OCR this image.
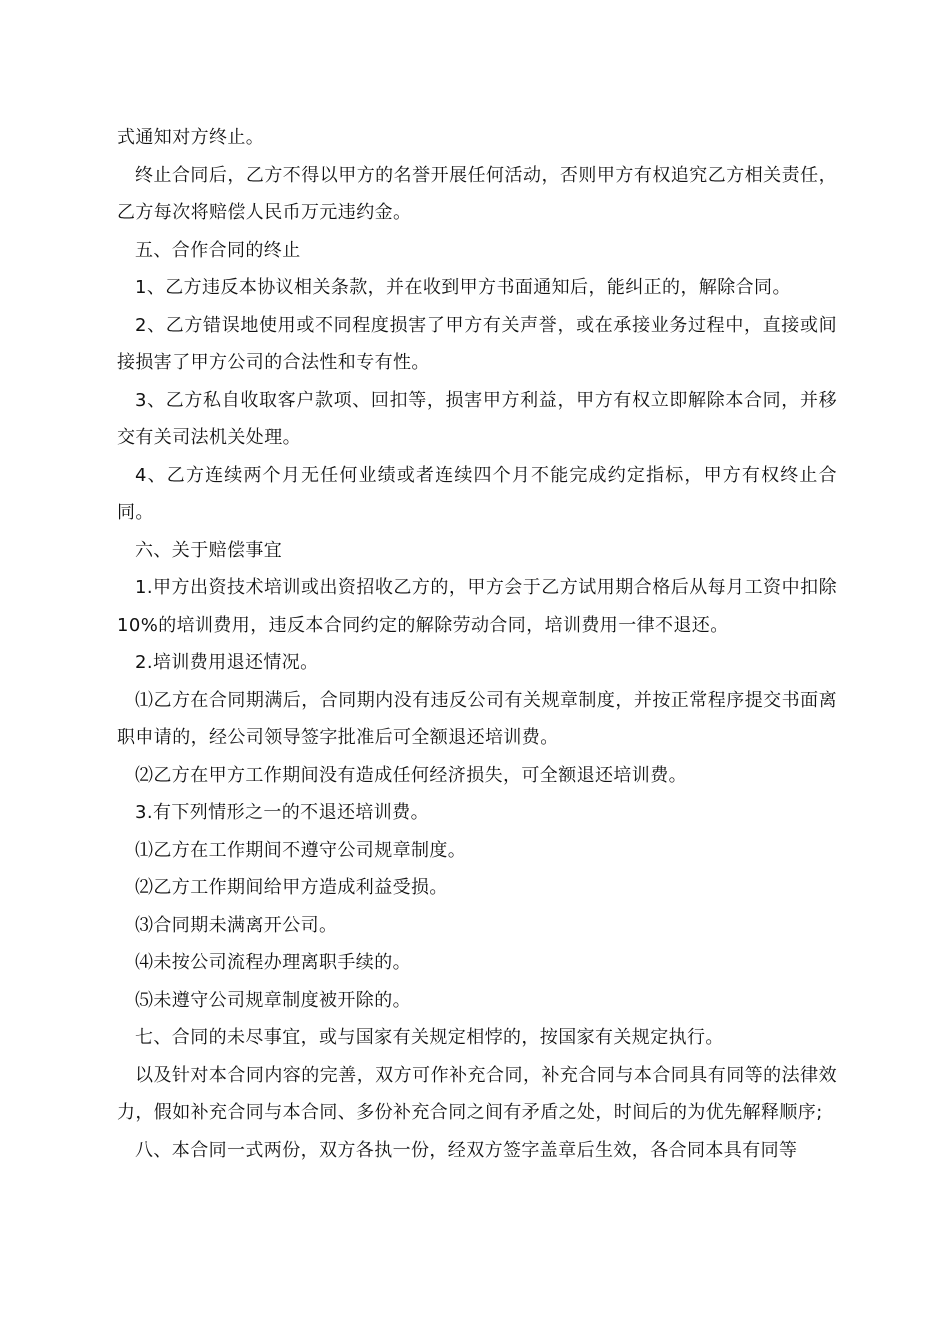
式通知对方终止。

终止合同后，乙方不得以甲方的名誉开展任何活动，否则甲方有权追究乙方相关责任，乙方每次将赔偿人民币万元违约金。

五、合作合同的终止

1、乙方违反本协议相关条款，并在收到甲方书面通知后，能纠正的，解除合同。

2、乙方错误地使用或不同程度损害了甲方有关声誉，或在承接业务过程中，直接或间接损害了甲方公司的合法性和专有性。

3、乙方私自收取客户款项、回扣等，损害甲方利益，甲方有权立即解除本合同，并移交有关司法机关处理。

4、乙方连续两个月无任何业绩或者连续四个月不能完成约定指标，甲方有权终止合同。

六、关于赔偿事宜

1.甲方出资技术培训或出资招收乙方的，甲方会于乙方试用期合格后从每月工资中扣除10%的培训费用，违反本合同约定的解除劳动合同，培训费用一律不退还。

2.培训费用退还情况。

⑴乙方在合同期满后，合同期内没有违反公司有关规章制度，并按正常程序提交书面离职申请的，经公司领导签字批准后可全额退还培训费。

⑵乙方在甲方工作期间没有造成任何经济损失，可全额退还培训费。

3.有下列情形之一的不退还培训费。

⑴乙方在工作期间不遵守公司规章制度。

⑵乙方工作期间给甲方造成利益受损。

⑶合同期未满离开公司。

⑷未按公司流程办理离职手续的。

⑸未遵守公司规章制度被开除的。

七、合同的未尽事宜，或与国家有关规定相悖的，按国家有关规定执行。

以及针对本合同内容的完善，双方可作补充合同，补充合同与本合同具有同等的法律效力，假如补充合同与本合同、多份补充合同之间有矛盾之处，时间后的为优先解释顺序;

八、本合同一式两份，双方各执一份，经双方签字盖章后生效，各合同本具有同等
